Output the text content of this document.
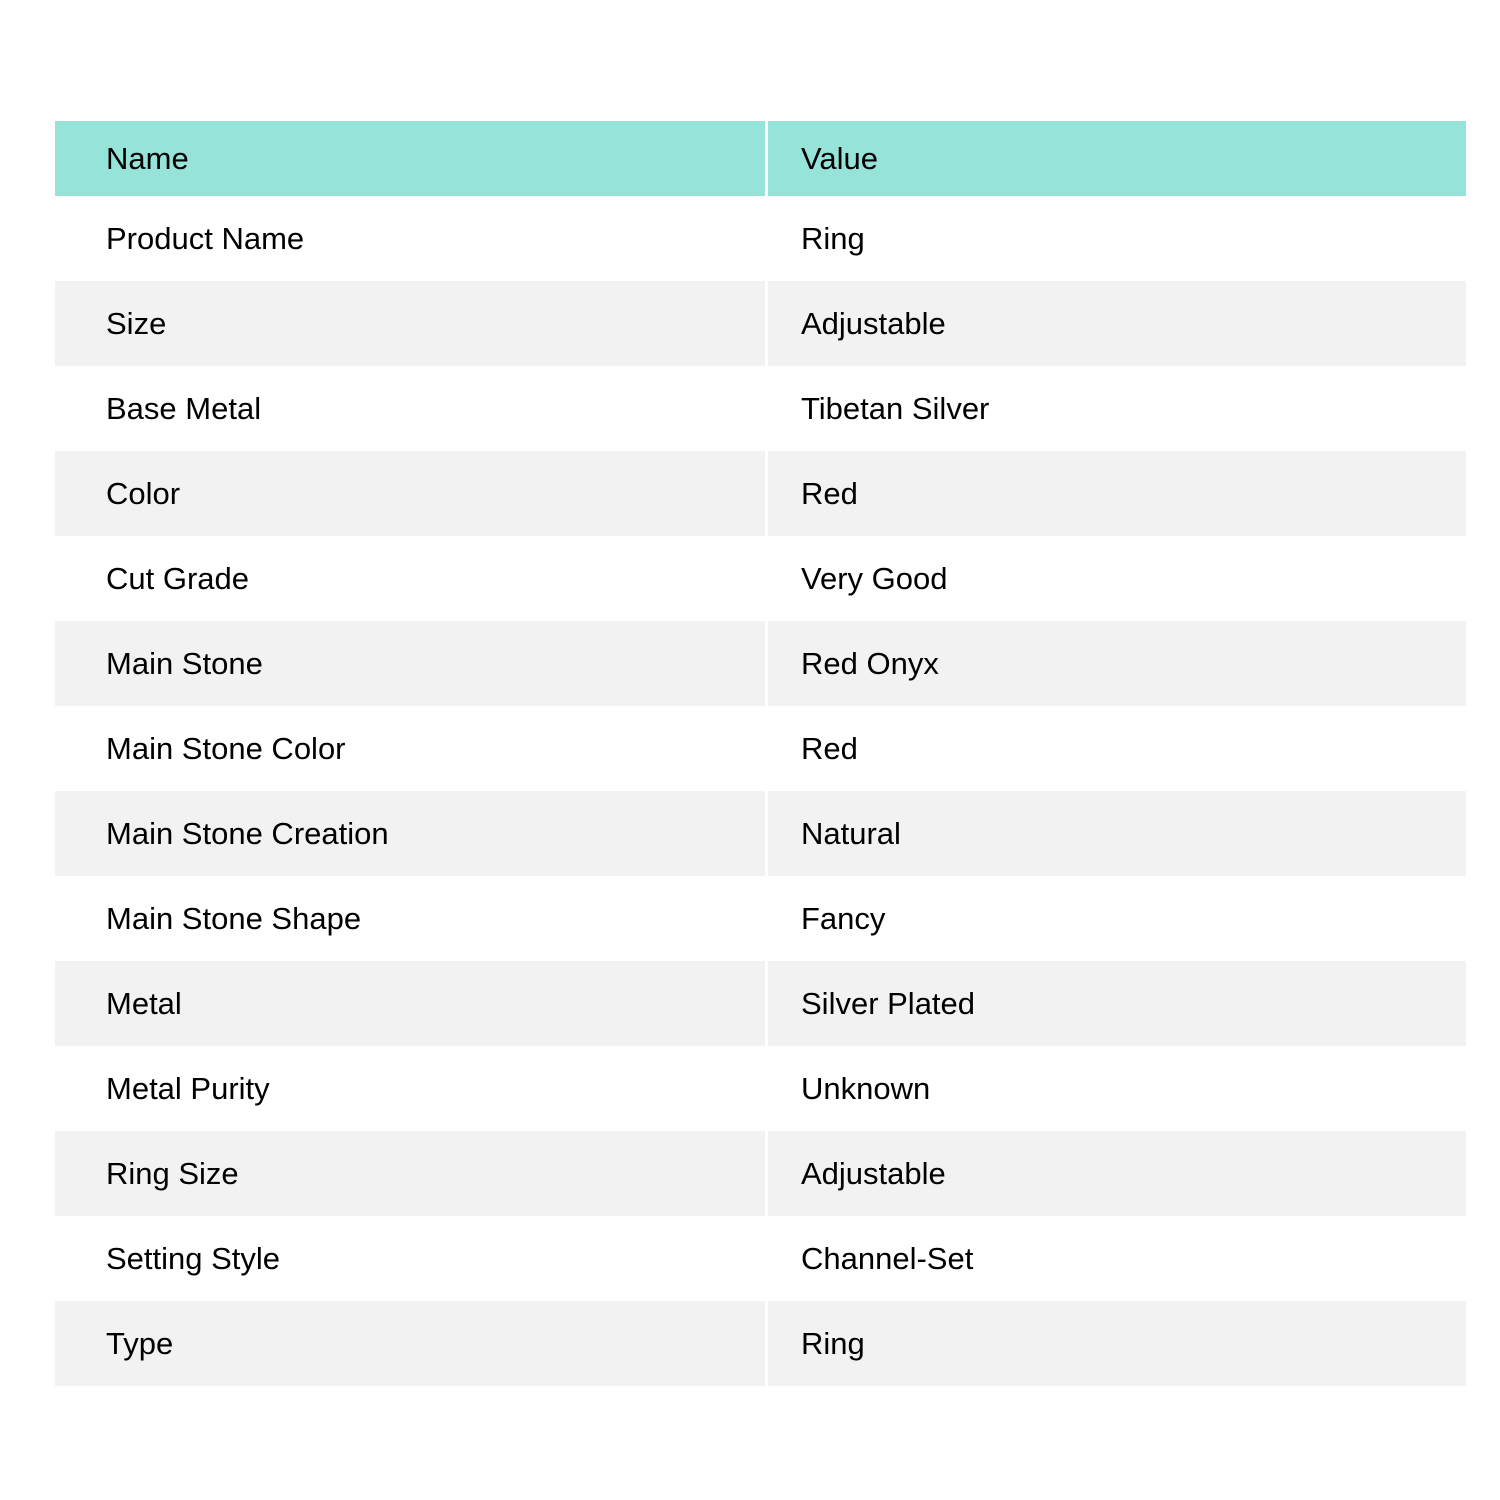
Name	Value
Product Name	Ring
Size	Adjustable
Base Metal	Tibetan Silver
Color	Red
Cut Grade	Very Good
Main Stone	Red Onyx
Main Stone Color	Red
Main Stone Creation	Natural
Main Stone Shape	Fancy
Metal	Silver Plated
Metal Purity	Unknown
Ring Size	Adjustable
Setting Style	Channel-Set
Type	Ring
